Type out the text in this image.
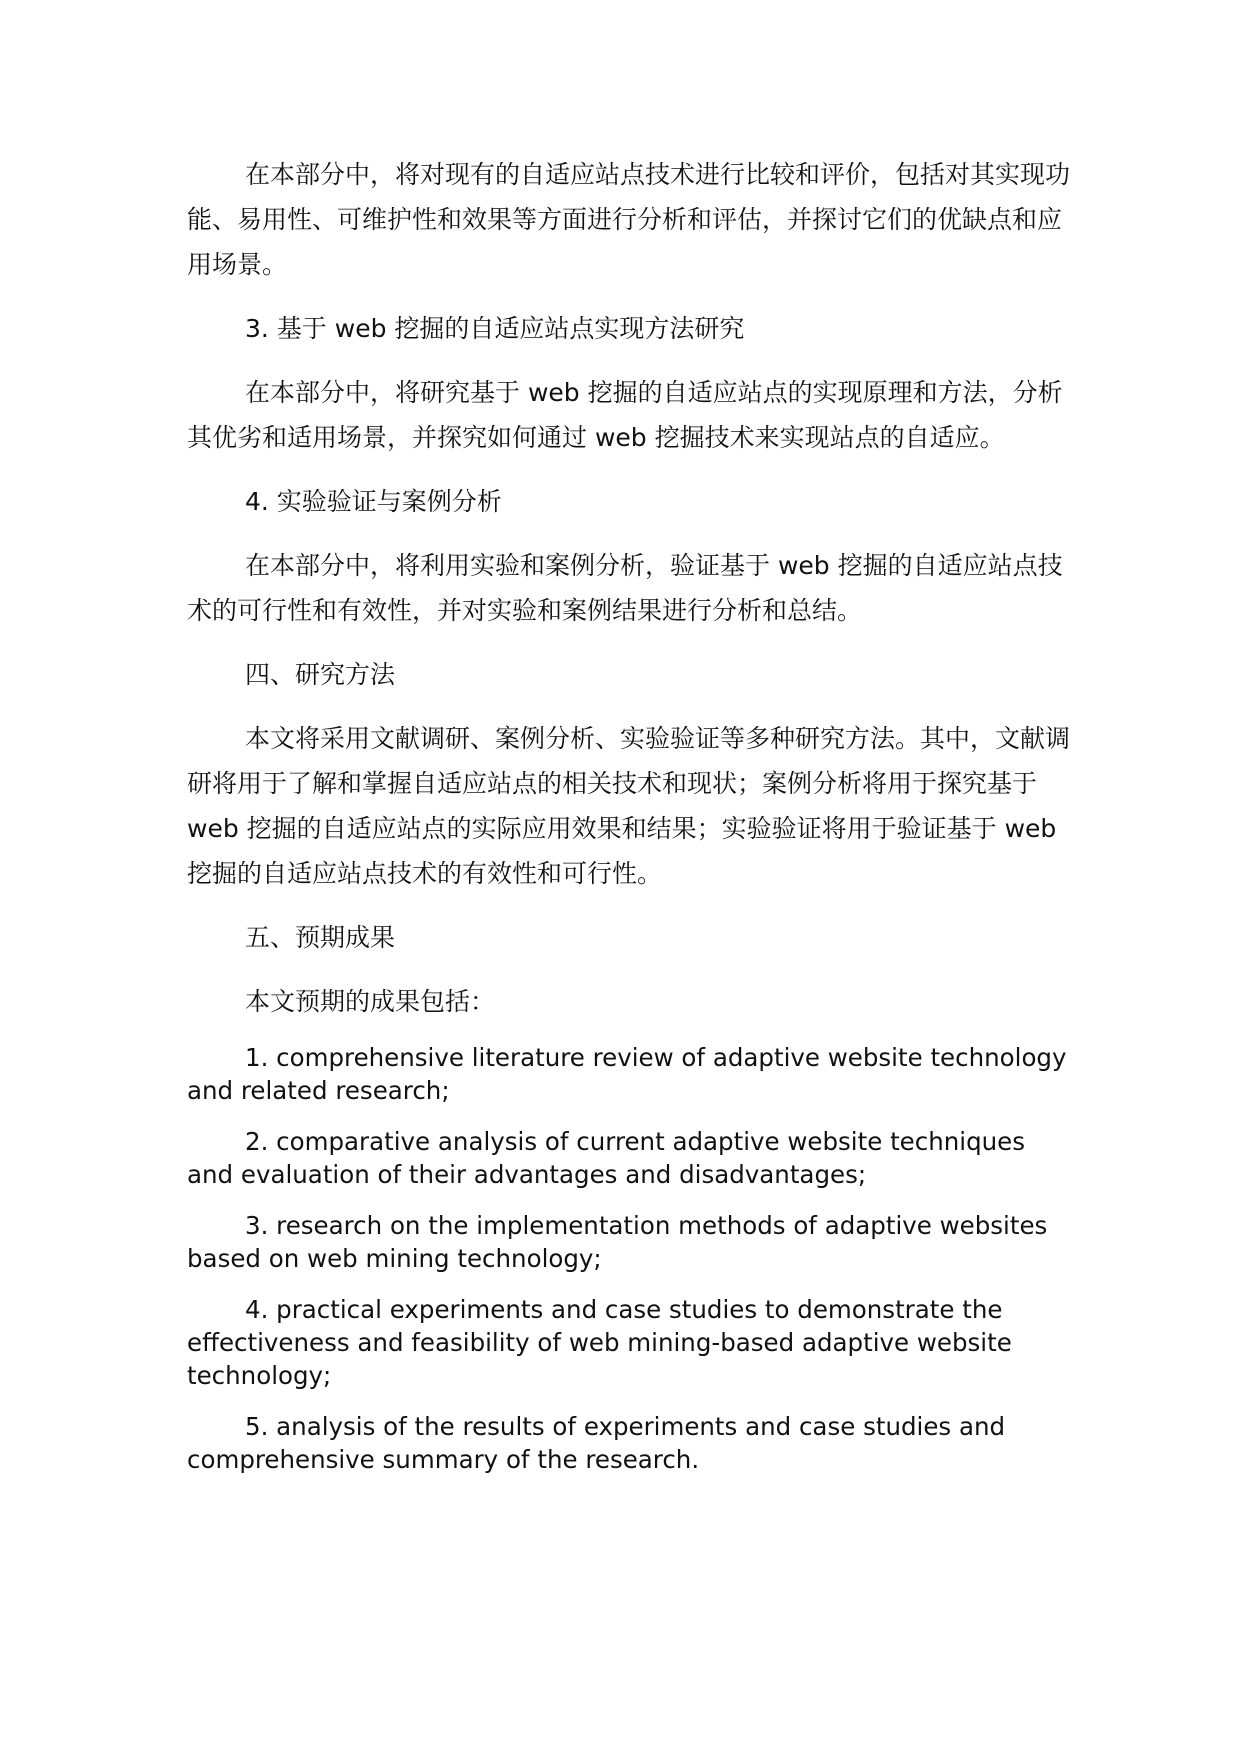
在本部分中，将对现有的自适应站点技术进行比较和评价，包括对其实现功能、易用性、可维护性和效果等方面进行分析和评估，并探讨它们的优缺点和应用场景。

3. 基于 web 挖掘的自适应站点实现方法研究

在本部分中，将研究基于 web 挖掘的自适应站点的实现原理和方法，分析其优劣和适用场景，并探究如何通过 web 挖掘技术来实现站点的自适应。

4. 实验验证与案例分析

在本部分中，将利用实验和案例分析，验证基于 web 挖掘的自适应站点技术的可行性和有效性，并对实验和案例结果进行分析和总结。

四、研究方法

本文将采用文献调研、案例分析、实验验证等多种研究方法。其中，文献调研将用于了解和掌握自适应站点的相关技术和现状；案例分析将用于探究基于 web 挖掘的自适应站点的实际应用效果和结果；实验验证将用于验证基于 web 挖掘的自适应站点技术的有效性和可行性。

五、预期成果

本文预期的成果包括：

1. comprehensive literature review of adaptive website technology and related research;

2. comparative analysis of current adaptive website techniques and evaluation of their advantages and disadvantages;

3. research on the implementation methods of adaptive websites based on web mining technology;

4. practical experiments and case studies to demonstrate the effectiveness and feasibility of web mining-based adaptive website technology;

5. analysis of the results of experiments and case studies and comprehensive summary of the research.
